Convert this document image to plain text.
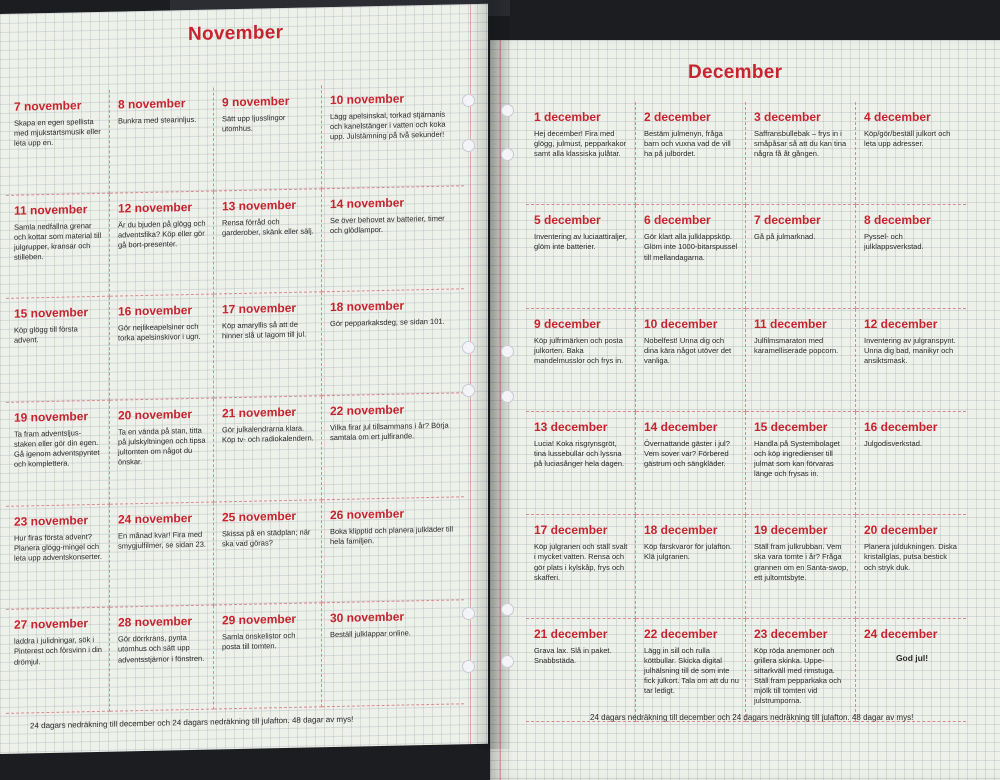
November
7 november
Skapa en egen spellista med mjukstartsmusik eller leta upp en.
8 november
Bunkra med stearinljus.
9 november
Sätt upp ljusslingor utomhus.
10 november
Lägg apelsinskal, torkad stjärnanis och kanelstänger i vatten och koka upp. Julstämning på två sekunder!
11 november
Samla nedfallna grenar och kottar som material till julgrupper, kransar och stilleben.
12 november
Är du bjuden på glögg och adventsfika? Köp eller gör gå bort-presenter.
13 november
Rensa förråd och garderober, skänk eller sälj.
14 november
Se över behovet av batterier, timer och glödlampor.
15 november
Köp glögg till första advent.
16 november
Gör nejlikeapelsiner och torka apelsinskivor i ugn.
17 november
Köp amaryllis så att de hinner slå ut lagom till jul.
18 november
Gör pepparkaksdeg, se sidan 101.
19 november
Ta fram adventsljus-staken eller gör din egen. Gå igenom adventspyntet och komplettera.
20 november
Ta en vända på stan, titta på julskyltningen och tipsa jultomten om något du önskar.
21 november
Gör julkalendrarna klara. Köp tv- och radiokalendern.
22 november
Vilka firar jul tillsammans i år? Börja samtala om ert julfirande.
23 november
Hur firas första advent? Planera glögg-mingel och leta upp adventskonserter.
24 november
En månad kvar! Fira med smygjulfilmer, se sidan 23.
25 november
Skissa på en städplan; när ska vad göras?
26 november
Boka klipptid och planera julkläder till hela familjen.
27 november
laddra i julidningar, sök i Pinterest och försvinn i din drömjul.
28 november
Gör dörrkrans, pynta utomhus och sätt upp adventsstjärnor i fönstren.
29 november
Samla önskelistor och posta till tomten.
30 november
Beställ julklappar online.
24 dagars nedräkning till december och 24 dagars nedräkning till julafton. 48 dagar av mys!
December
1 december
Hej december! Fira med glögg, julmust, pepparkakor samt alla klassiska julåtar.
2 december
Bestäm julmenyn, fråga barn och vuxna vad de vill ha på julbordet.
3 december
Saffransbullebak – frys in i småpåsar så att du kan tina några få åt gången.
4 december
Köp/gör/beställ julkort och leta upp adresser.
5 december
Inventering av luciaattiraljer, glöm inte batterier.
6 december
Gör klart alla julklappsköp. Glöm inte 1000-bitarspussel till mellandagarna.
7 december
Gå på julmarknad.
8 december
Pyssel- och julklappsverkstad.
9 december
Köp julfrimärken och posta julkorten. Baka mandelmusslor och frys in.
10 december
Nobelfest! Unna dig och dina kära något utöver det vanliga.
11 december
Julfilmsmaraton med karamelliserade popcorn.
12 december
Inventering av julgranspynt. Unna dig bad, manikyr och ansiktsmask.
13 december
Lucia! Koka risgrynsgröt, tina lussebullar och lyssna på luciasånger hela dagen.
14 december
Övernattande gäster i jul? Vem sover var? Förbered gästrum och sängkläder.
15 december
Handla på Systembolaget och köp ingredienser till julmat som kan förvaras länge och frysas in.
16 december
Julgodisverkstad.
17 december
Köp julgranen och ställ svalt i mycket vatten. Rensa och gör plats i kylskåp, frys och skafferi.
18 december
Köp färskvaror för julafton. Klä julgranen.
19 december
Ställ fram julkrubban. Vem ska vara tomte i år? Fråga grannen om en Santa-swop, ett jultomtsbyte.
20 december
Planera juldukningen. Diska kristallglas, putsa bestick och stryk duk.
21 december
Grava lax. Slå in paket. Snabbstäda.
22 december
Lägg in sill och rulla köttbullar. Skicka digital julhälsning till de som inte fick julkort. Tala om att du nu tar ledigt.
23 december
Köp röda anemoner och grillera skinka. Uppesittarkväll med rimstuga. Ställ fram pepparkaka och mjölk till tomten vid julstrumporna.
24 december
God jul!
24 dagars nedräkning till december och 24 dagars nedräkning till julafton. 48 dagar av mys!
